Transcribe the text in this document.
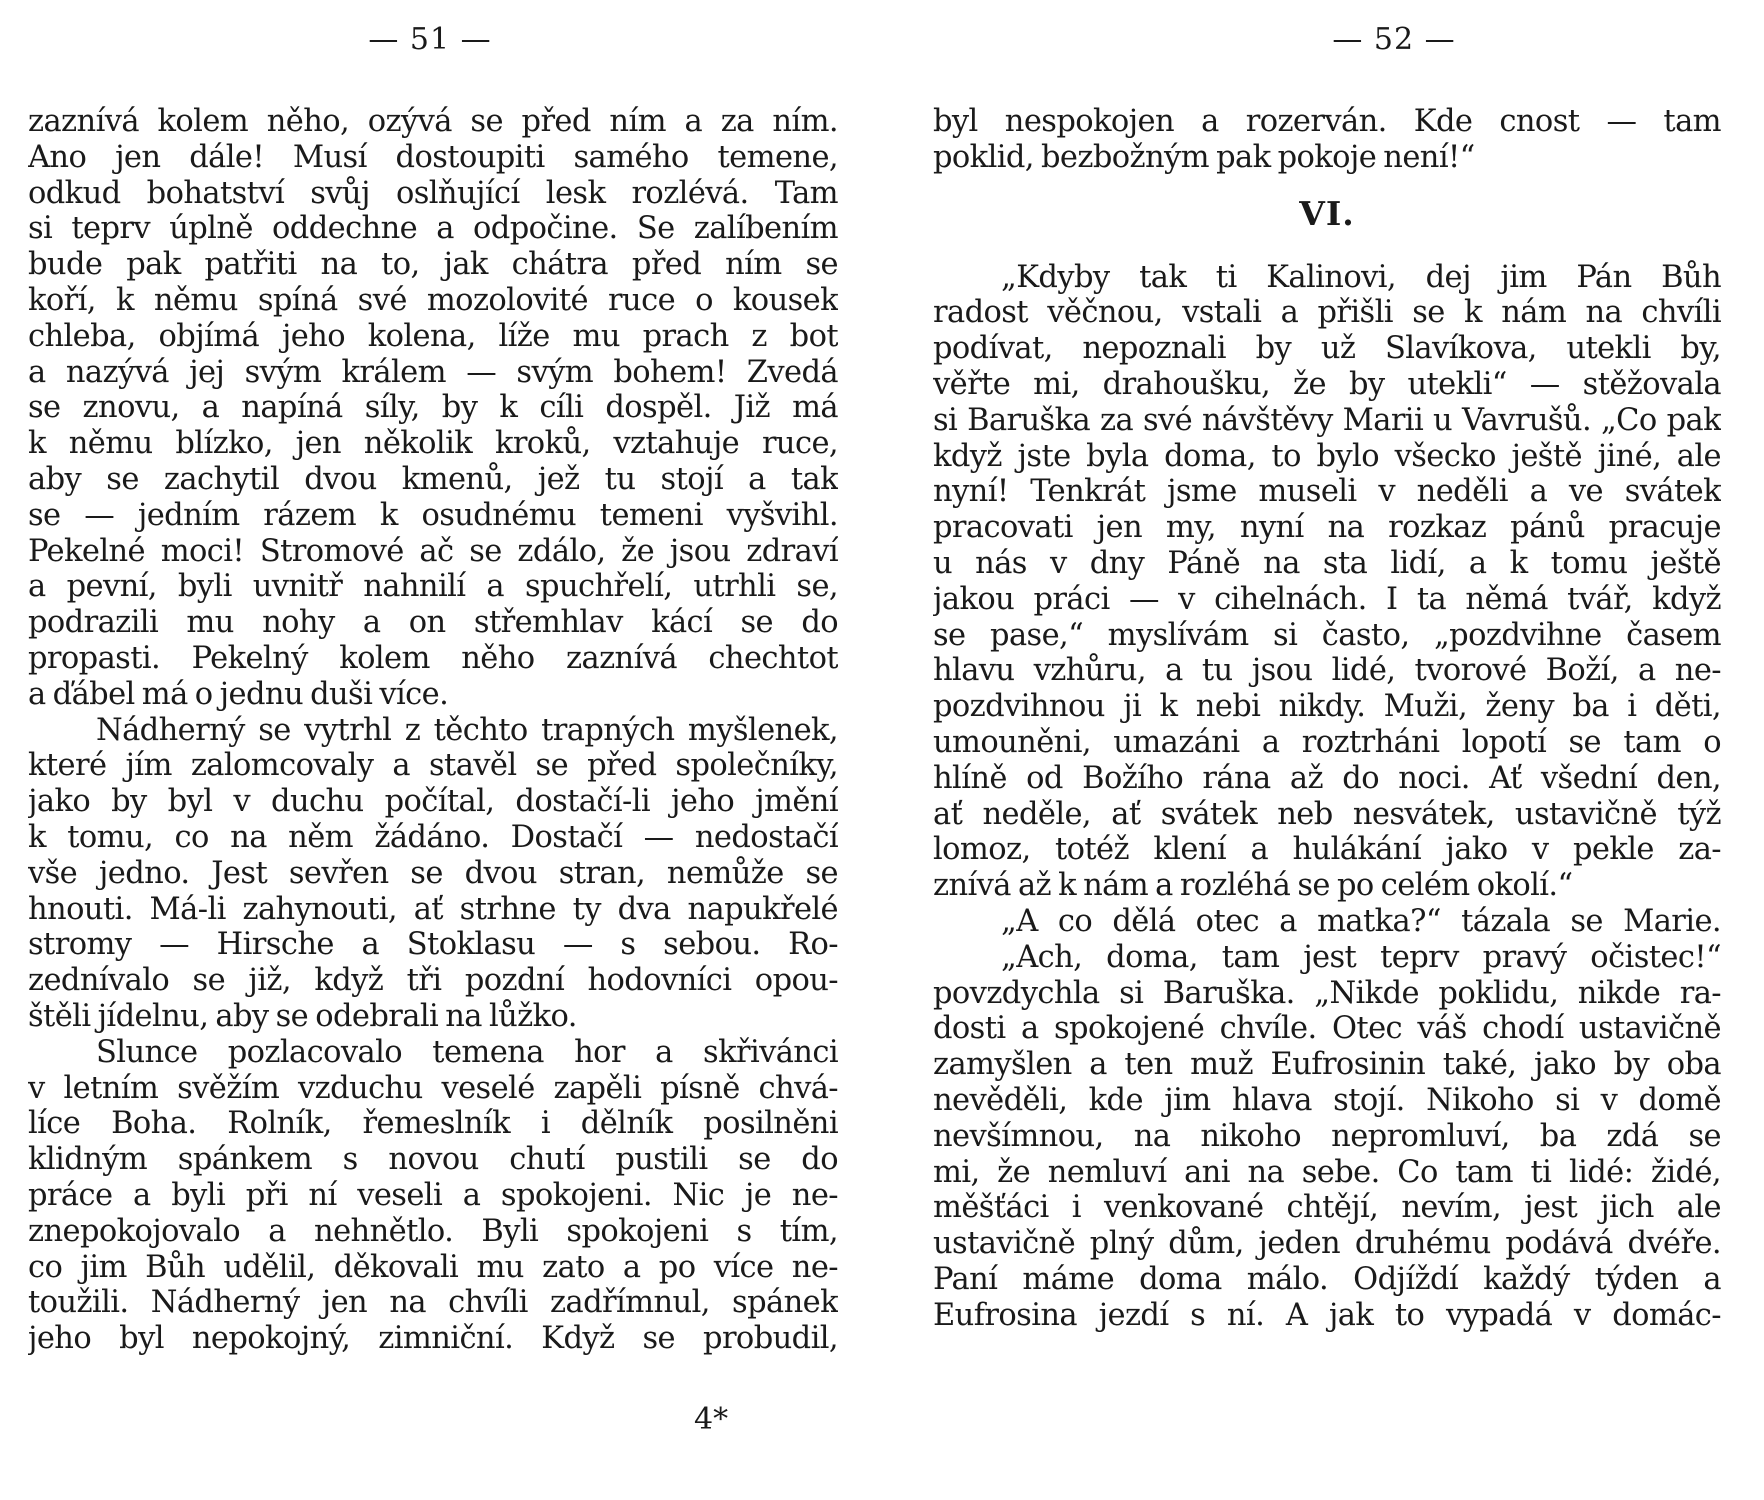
— 51 —
zaznívá kolem něho, ozývá se před ním a za ním.
Ano jen dále! Musí dostoupiti samého temene,
odkud bohatství svůj oslňující lesk rozlévá. Tam
si teprv úplně oddechne a odpočine. Se zalíbením
bude pak patřiti na to, jak chátra před ním se
koří, k němu spíná své mozolovité ruce o kousek
chleba, objímá jeho kolena, líže mu prach z bot
a nazývá jej svým králem — svým bohem! Zvedá
se znovu, a napíná síly, by k cíli dospěl. Již má
k němu blízko, jen několik kroků, vztahuje ruce,
aby se zachytil dvou kmenů, jež tu stojí a tak
se — jedním rázem k osudnému temeni vyšvihl.
Pekelné moci! Stromové ač se zdálo, že jsou zdraví
a pevní, byli uvnitř nahnilí a spuchřelí, utrhli se,
podrazili mu nohy a on střemhlav kácí se do
propasti. Pekelný kolem něho zaznívá chechtot
a ďábel má o jednu duši více.
Nádherný se vytrhl z těchto trapných myšlenek,
které jím zalomcovaly a stavěl se před společníky,
jako by byl v duchu počítal, dostačí-li jeho jmění
k tomu, co na něm žádáno. Dostačí — nedostačí
vše jedno. Jest sevřen se dvou stran, nemůže se
hnouti. Má-li zahynouti, ať strhne ty dva napukřelé
stromy — Hirsche a Stoklasu — s sebou. Ro-
zednívalo se již, když tři pozdní hodovníci opou-
štěli jídelnu, aby se odebrali na lůžko.
Slunce pozlacovalo temena hor a skřivánci
v letním svěžím vzduchu veselé zapěli písně chvá-
líce Boha. Rolník, řemeslník i dělník posilněni
klidným spánkem s novou chutí pustili se do
práce a byli při ní veseli a spokojeni. Nic je ne-
znepokojovalo a nehnětlo. Byli spokojeni s tím,
co jim Bůh udělil, děkovali mu zato a po více ne-
toužili. Nádherný jen na chvíli zadřímnul, spánek
jeho byl nepokojný, zimniční. Když se probudil,
4*
— 52 —
byl nespokojen a rozerván. Kde cnost — tam
poklid, bezbožným pak pokoje není!“
VI.
„Kdyby tak ti Kalinovi, dej jim Pán Bůh
radost věčnou, vstali a přišli se k nám na chvíli
podívat, nepoznali by už Slavíkova, utekli by,
věřte mi, drahoušku, že by utekli“ — stěžovala
si Baruška za své návštěvy Marii u Vavrušů. „Co pak
když jste byla doma, to bylo všecko ještě jiné, ale
nyní! Tenkrát jsme museli v neděli a ve svátek
pracovati jen my, nyní na rozkaz pánů pracuje
u nás v dny Páně na sta lidí, a k tomu ještě
jakou práci — v cihelnách. I ta němá tvář, když
se pase,“ myslívám si často, „pozdvihne časem
hlavu vzhůru, a tu jsou lidé, tvorové Boží, a ne-
pozdvihnou ji k nebi nikdy. Muži, ženy ba i děti,
umouněni, umazáni a roztrháni lopotí se tam o
hlíně od Božího rána až do noci. Ať všední den,
ať neděle, ať svátek neb nesvátek, ustavičně týž
lomoz, totéž klení a hulákání jako v pekle za-
znívá až k nám a rozléhá se po celém okolí.“
„A co dělá otec a matka?“ tázala se Marie.
„Ach, doma, tam jest teprv pravý očistec!“
povzdychla si Baruška. „Nikde poklidu, nikde ra-
dosti a spokojené chvíle. Otec váš chodí ustavičně
zamyšlen a ten muž Eufrosinin také, jako by oba
nevěděli, kde jim hlava stojí. Nikoho si v domě
nevšímnou, na nikoho nepromluví, ba zdá se
mi, že nemluví ani na sebe. Co tam ti lidé: židé,
měšťáci i venkované chtějí, nevím, jest jich ale
ustavičně plný dům, jeden druhému podává dvéře.
Paní máme doma málo. Odjíždí každý týden a
Eufrosina jezdí s ní. A jak to vypadá v domác-
